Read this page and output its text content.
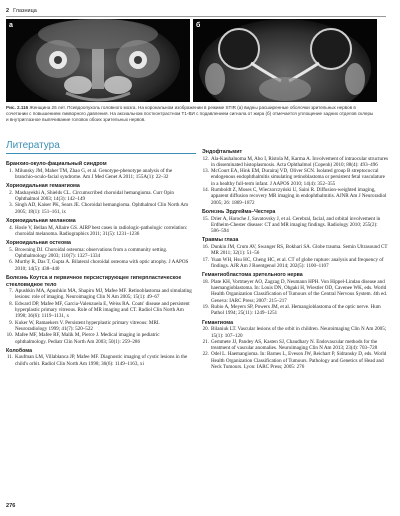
2 Глазница
a	б
Рис. 2.116 Женщина 26 лет. Псевдоопухоль головного мозга. На корональном изображении в режиме STIR (а) видны расширенные оболочки зрительных нервов в сочетании с повышением ликворного давления. На аксиальном постконтрастном Т1-ВИ с подавлением сигнала от жира (б) отмечается уплощение задних отделов склеры и внутриглазное выпячивание головок обоих зрительных нервов.
Литература
Бранхио-окуло-фациальный синдром
1. Milunsky JM, Maher TM, Zhao G, et al. Genotype-phenotype analysis of the branchio-oculo-facial syndrome. Am J Med Genet A 2011; 155A(1): 22–32
Хориоидальная гемангиома
2. Mashayekhi A, Shields CL. Circumscribed choroidal hemangioma. Curr Opin Ophthalmol 2003; 14(3): 142–149
3. Singh AD, Kaiser PK, Sears JE. Choroidal hemangioma. Ophthalmol Clin North Am 2005; 18(1): 151–161, ix
Хориоидальная меланома
4. Hosle V, Bellan M, Allaire GS. AIRP best cases in radiologic-pathologic correlation: choroidal melanoma. Radiographics 2011; 31(5): 1231–1236
Хориоидальная остеома
5. Browning DJ. Choroidal osteoma: observations from a community setting. Ophthalmology 2003; 110(7): 1327–1334
6. Murthy R, Das T, Gupta A. Bilateral choroidal osteoma with optic atrophy. J AAPOS 2010; 14(5): 438–440
Болезнь Коутса и первичное персистирующее гиперпластическое стекловидное тело
7. Apushkin MA, Apushkin MA, Shapiro MJ, Mafee MF. Retinoblastoma and simulating lesions: role of imaging. Neuroimaging Clin N Am 2005; 15(1): 49–67
8. Edward DP, Mafee MF, Garcia-Valenzuela E, Weiss RA. Coats' disease and persistent hyperplastic primary vitreous. Role of MR imaging and CT. Radiol Clin North Am 1998; 36(6): 1119–1131, x
9. Kuker W, Ramaekers V. Persistent hyperplastic primary vitreous: MRI. Neuroradiology 1999; 41(7): 520–522
10. Mafee MF, Mafee RF, Malik M, Pierce J. Medical imaging in pediatric ophthalmology. Pediatr Clin North Am 2003; 50(1): 259–286
Колобома
11. Kaufman LM, Villablanca JP, Mafee MF. Diagnostic imaging of cystic lesions in the child's orbit. Radiol Clin North Am 1998; 36(6): 1149–1163, xi
Эндофтальмит
12. Ala-Kauhaluoma M, Aho I, Ristola M, Karma A. Involvement of intraocular structures in disseminated histoplasmosis. Acta Ophthalmol (Copenh) 2010; 88(4): 493–496
13. McCourt EA, Hink EM, Durairaj VD, Oliver SCN. Isolated group B streptococcal endogenous endophthalmitis simulating retinoblastoma or persistent fetal vasculature in a healthy full-term infant. J AAPOS 2010; 14(4): 352–355
14. Rumboldt Z, Moses C, Wieczorczyński U, Saini R. Diffusion-weighted imaging, apparent diffusion recovery MR imaging in endophthalmitis. AJNR Am J Neuroradiol 2005; 26: 1869–1872
Болезнь Эрдгейма–Честера
15. Drier A, Haroche J, Savatovsky J, et al. Cerebral, facial, and orbital involvement in Erdheim-Chester disease: CT and MR imaging findings. Radiology 2010; 255(2): 586–594
Травмы глаза
16. Dunkin JM, Crum AV, Swanger RS, Bokhari SA. Globe trauma. Semin Ultrasound CT MR 2011; 32(1): 51–56
17. Yuan WH, Hsu HC, Cheng HC, et al. CT of globe rupture: analysis and frequency of findings. AJR Am J Roentgenol 2014; 202(5): 1100–1107
Гемангиобластома зрительного нерва
18. Plate KH, Vortmeyer AO, Zagzag D, Neumann HPH. Von Hippel-Lindau disease and haemangioblastoma. In: Louis DN, Ohgaki H, Wiestler OD, Cavenee WK, eds. World Health Organization Classification of Tumours of the Central Nervous System. 4th ed. Geneva: IARC Press; 2007: 215–217
19. Rubio A, Meyers SP, Powers JM, et al. Hemangioblastoma of the optic nerve. Hum Pathol 1994; 25(11): 1249–1251
Гемангиома
20. Bilaniuk LT. Vascular lesions of the orbit in children. Neuroimaging Clin N Am 2005; 15(1): 107–120
21. Gemmete JJ, Pandey AS, Kasten SJ, Chaudhary N. Endovascular methods for the treatment of vascular anomalies. Neuroimaging Clin N Am 2013; 23(4): 703–728
22. Odel L. Haemangioma. In: Barnes L, Eveson JW, Reichart P, Sidransky D, eds. World Health Organization Classification of Tumours. Pathology and Genetics of Head and Neck Tumours. Lyon: IARC Press; 2005: 276
276
